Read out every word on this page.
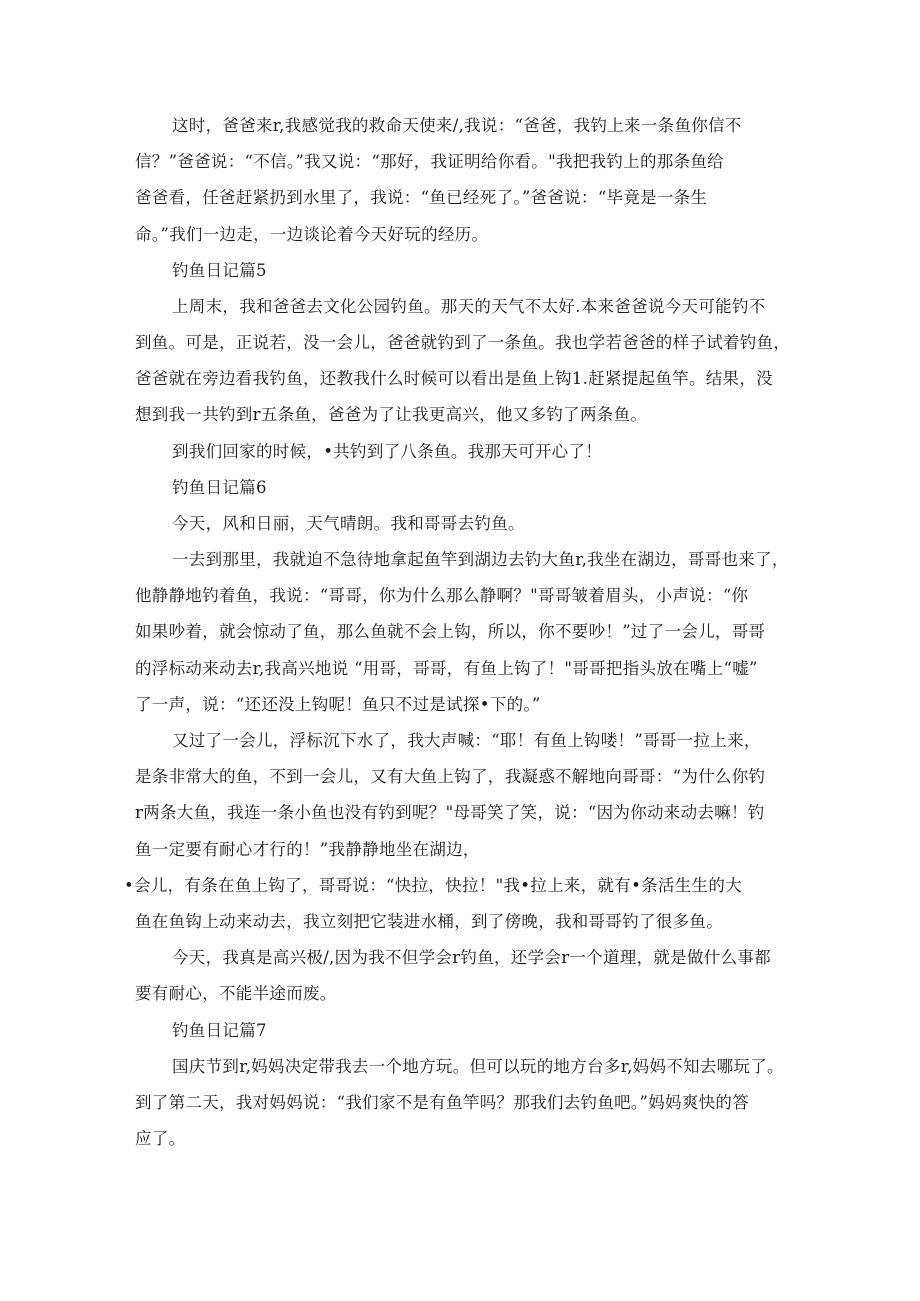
这时，爸爸来r,我感觉我的救命天使来/,我说：“爸爸，我钓上来一条鱼你信不
信？”爸爸说：“不信。”我又说：“那好，我证明给你看。"我把我钓上的那条鱼给
爸爸看，任爸赶紧扔到水里了，我说：“鱼已经死了。”爸爸说：“毕竟是一条生
命。”我们一边走，一边谈论着今天好玩的经历。
钓鱼日记篇5
上周末，我和爸爸去文化公园钓鱼。那天的天气不太好.本来爸爸说今天可能钓不
到鱼。可是，正说若，没一会儿，爸爸就钓到了一条鱼。我也学若爸爸的样子试着钓鱼，
爸爸就在旁边看我钓鱼，还教我什么时候可以看出是鱼上钩1.赶紧提起鱼竿。结果，没
想到我一共钓到r五条鱼，爸爸为了让我更高兴，他又多钓了两条鱼。
到我们回家的时候，•共钓到了八条鱼。我那天可开心了！
钓鱼日记篇6
今天，风和日丽，天气晴朗。我和哥哥去钓鱼。
一去到那里，我就迫不急待地拿起鱼竿到湖边去钓大鱼r,我坐在湖边，哥哥也来了，
他静静地钓着鱼，我说：“哥哥，你为什么那么静啊？"哥哥皱着眉头，小声说：“你
如果吵着，就会惊动了鱼，那么鱼就不会上钩，所以，你不要吵！”过了一会儿，哥哥
的浮标动来动去r,我高兴地说 “用哥，哥哥，有鱼上钩了！"哥哥把指头放在嘴上“嘘”
了一声，说：“还还没上钩呢！鱼只不过是试探•下的。”
又过了一会儿，浮标沉下水了，我大声喊：“耶！有鱼上钩喽！”哥哥一拉上来，
是条非常大的鱼，不到一会儿，又有大鱼上钩了，我凝惑不解地向哥哥：“为什么你钓
r两条大鱼，我连一条小鱼也没有钓到呢？"母哥笑了笑，说：“因为你动来动去嘛！钓
鱼一定要有耐心才行的！”我静静地坐在湖边，
•会儿，有条在鱼上钩了，哥哥说：“快拉，快拉！"我•拉上来，就有•条活生生的大
鱼在鱼钩上动来动去，我立刻把它装进水桶，到了傍晚，我和哥哥钓了很多鱼。
今天，我真是高兴极/,因为我不但学会r钓鱼，还学会r一个道理，就是做什么事都
要有耐心，不能半途而废。
钓鱼日记篇7
国庆节到r,妈妈决定带我去一个地方玩。但可以玩的地方台多r,妈妈不知去哪玩了。
到了第二天，我对妈妈说：“我们家不是有鱼竿吗？那我们去钓鱼吧。”妈妈爽快的答
应了。
